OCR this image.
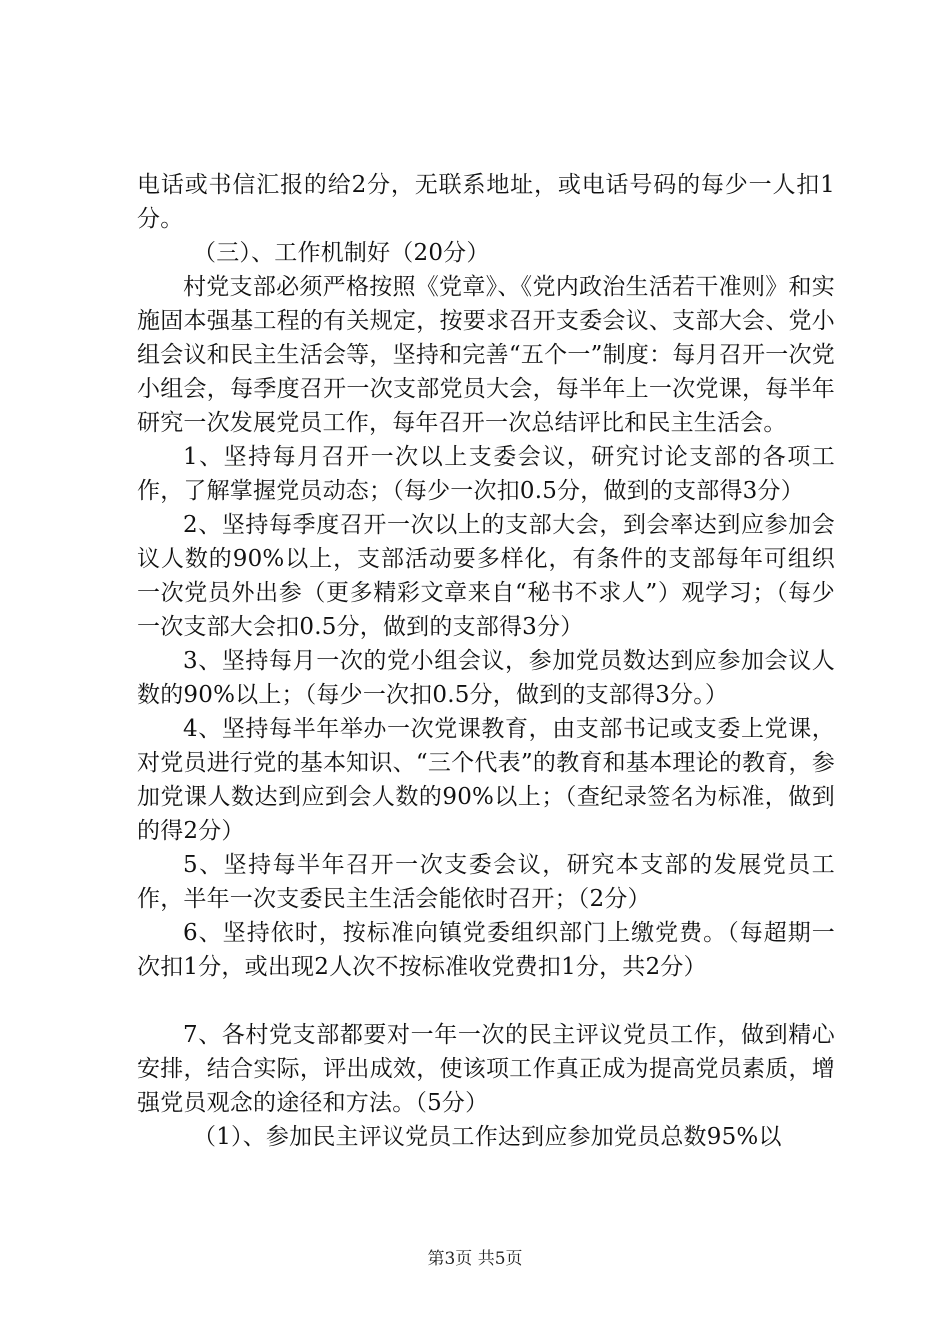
电话或书信汇报的给2分，无联系地址，或电话号码的每少一人扣1分。

（三）、工作机制好（20分）

村党支部必须严格按照《党章》、《党内政治生活若干准则》和实施固本强基工程的有关规定，按要求召开支委会议、支部大会、党小组会议和民主生活会等，坚持和完善“五个一”制度：每月召开一次党小组会，每季度召开一次支部党员大会，每半年上一次党课，每半年研究一次发展党员工作，每年召开一次总结评比和民主生活会。

1、坚持每月召开一次以上支委会议，研究讨论支部的各项工作，了解掌握党员动态；（每少一次扣0.5分，做到的支部得3分）

2、坚持每季度召开一次以上的支部大会，到会率达到应参加会议人数的90%以上，支部活动要多样化，有条件的支部每年可组织一次党员外出参（更多精彩文章来自“秘书不求人”）观学习；（每少一次支部大会扣0.5分，做到的支部得3分）

3、坚持每月一次的党小组会议，参加党员数达到应参加会议人数的90%以上；（每少一次扣0.5分，做到的支部得3分。）

4、坚持每半年举办一次党课教育，由支部书记或支委上党课，对党员进行党的基本知识、“三个代表”的教育和基本理论的教育，参加党课人数达到应到会人数的90%以上；（查纪录签名为标准，做到的得2分）

5、坚持每半年召开一次支委会议，研究本支部的发展党员工作，半年一次支委民主生活会能依时召开；（2分）

6、坚持依时，按标准向镇党委组织部门上缴党费。（每超期一次扣1分，或出现2人次不按标准收党费扣1分，共2分）

7、各村党支部都要对一年一次的民主评议党员工作，做到精心安排，结合实际，评出成效，使该项工作真正成为提高党员素质，增强党员观念的途径和方法。（5分）

（1）、参加民主评议党员工作达到应参加党员总数95%以

第3页 共5页
